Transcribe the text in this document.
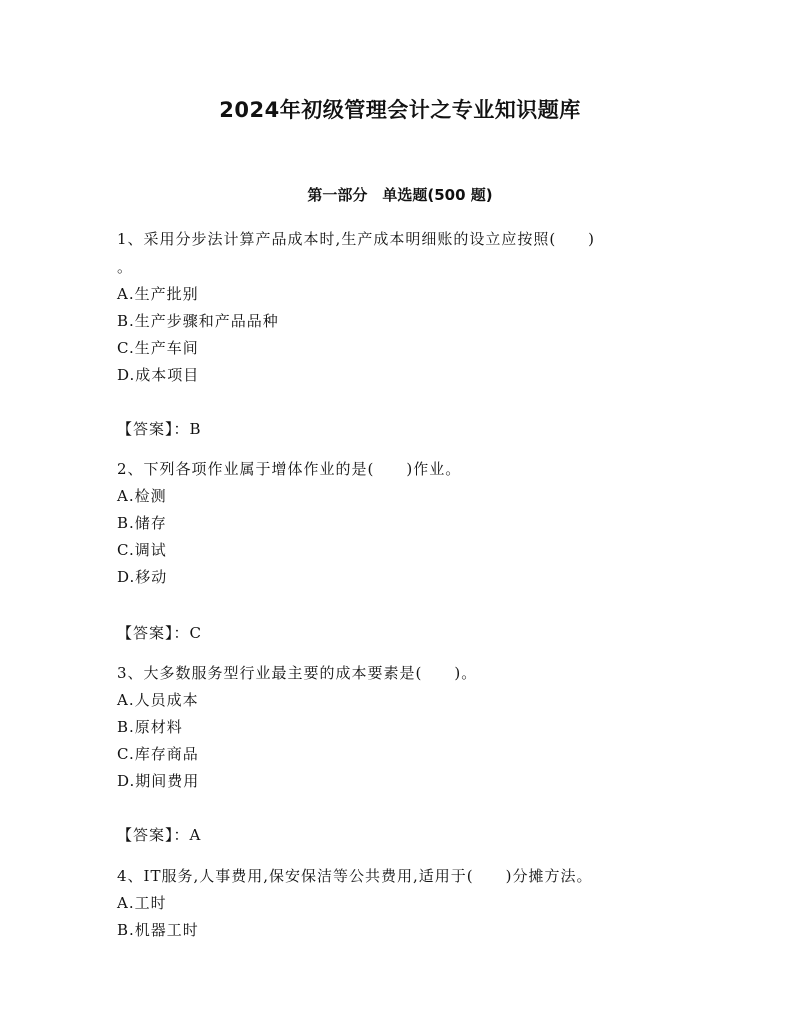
2024年初级管理会计之专业知识题库
第一部分　单选题(500 题)
1、采用分步法计算产品成本时,生产成本明细账的设立应按照(　　)
。
A.生产批别
B.生产步骤和产品品种
C.生产车间
D.成本项目
【答案】：B
2、下列各项作业属于增体作业的是(　　)作业。
A.检测
B.储存
C.调试
D.移动
【答案】：C
3、大多数服务型行业最主要的成本要素是(　　)。
A.人员成本
B.原材料
C.库存商品
D.期间费用
【答案】：A
4、IT服务,人事费用,保安保洁等公共费用,适用于(　　)分摊方法。
A.工时
B.机器工时
